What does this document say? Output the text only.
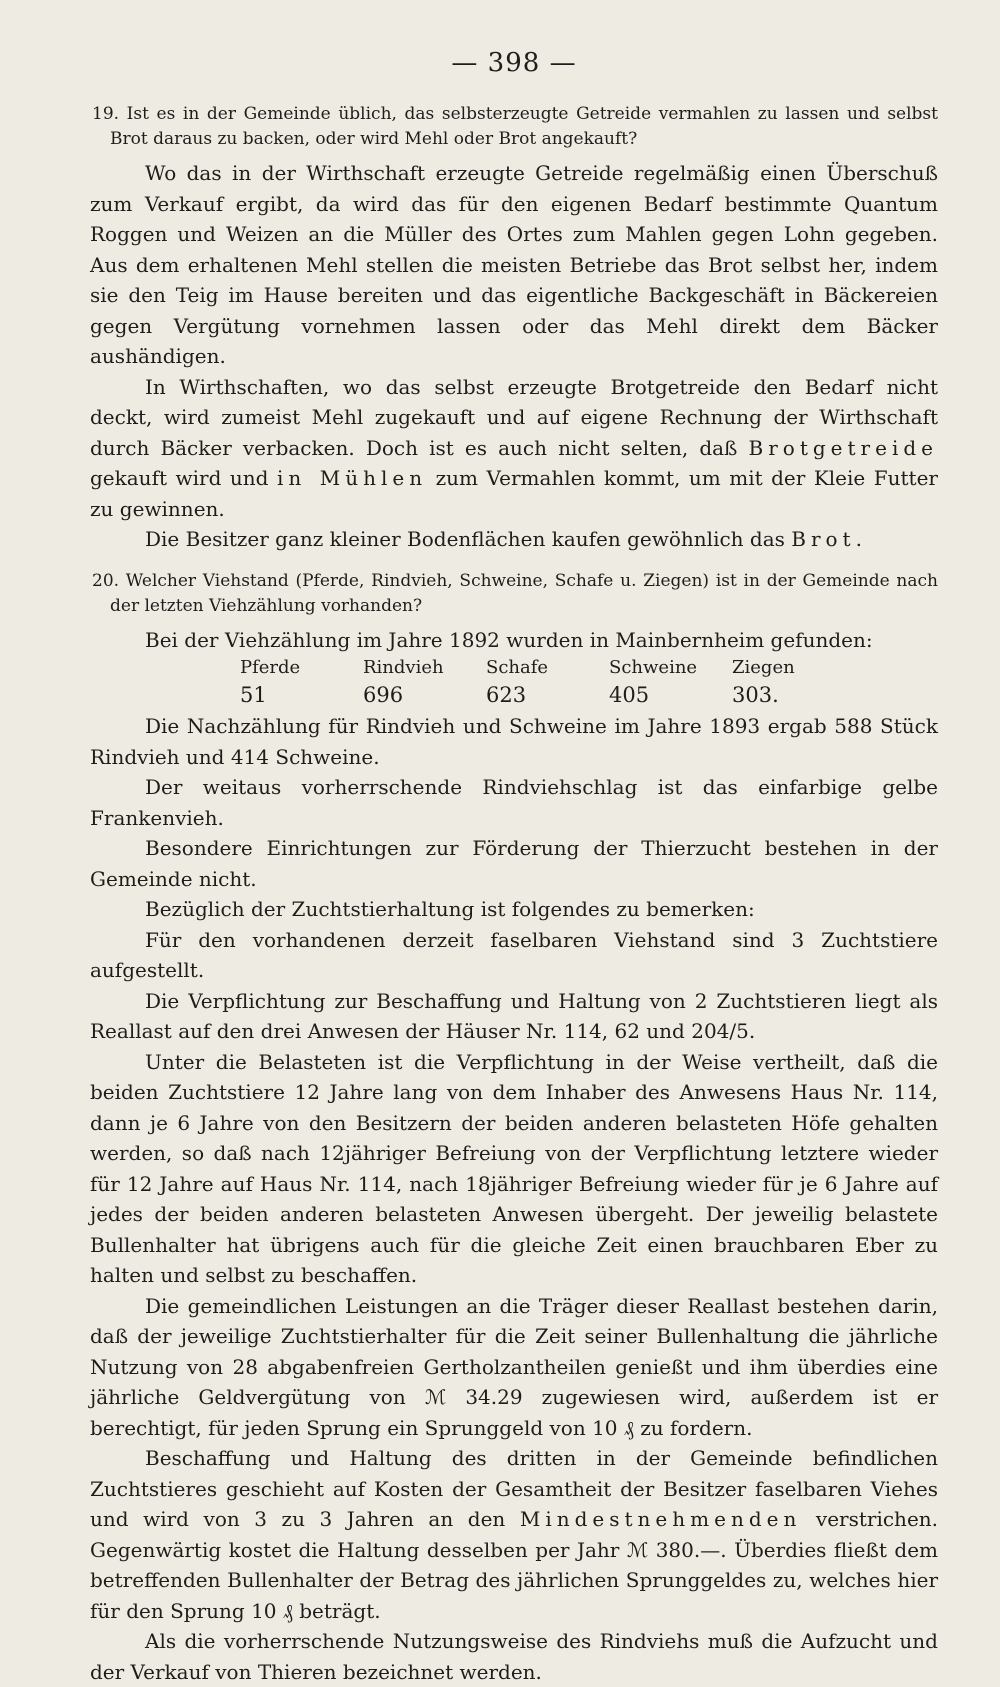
— 398 —
19. Ist es in der Gemeinde üblich, das selbsterzeugte Getreide vermahlen zu lassen und selbst Brot daraus zu backen, oder wird Mehl oder Brot angekauft?

Wo das in der Wirthschaft erzeugte Getreide regelmäßig einen Überschuß zum Verkauf ergibt, da wird das für den eigenen Bedarf bestimmte Quantum Roggen und Weizen an die Müller des Ortes zum Mahlen gegen Lohn gegeben. Aus dem erhaltenen Mehl stellen die meisten Betriebe das Brot selbst her, indem sie den Teig im Hause bereiten und das eigentliche Backgeschäft in Bäckereien gegen Vergütung vornehmen lassen oder das Mehl direkt dem Bäcker aushändigen.

In Wirthschaften, wo das selbst erzeugte Brotgetreide den Bedarf nicht deckt, wird zumeist Mehl zugekauft und auf eigene Rechnung der Wirthschaft durch Bäcker verbacken. Doch ist es auch nicht selten, daß Brotgetreide gekauft wird und in Mühlen zum Vermahlen kommt, um mit der Kleie Futter zu gewinnen.

Die Besitzer ganz kleiner Bodenflächen kaufen gewöhnlich das Brot.

20. Welcher Viehstand (Pferde, Rindvieh, Schweine, Schafe u. Ziegen) ist in der Gemeinde nach der letzten Viehzählung vorhanden?

Bei der Viehzählung im Jahre 1892 wurden in Mainbernheim gefunden:

Pferde	Rindvieh	Schafe	Schweine	Ziegen
51	696	623	405	303.

Die Nachzählung für Rindvieh und Schweine im Jahre 1893 ergab 588 Stück Rindvieh und 414 Schweine.

Der weitaus vorherrschende Rindviehschlag ist das einfarbige gelbe Frankenvieh.

Besondere Einrichtungen zur Förderung der Thierzucht bestehen in der Gemeinde nicht.

Bezüglich der Zuchtstierhaltung ist folgendes zu bemerken:

Für den vorhandenen derzeit faselbaren Viehstand sind 3 Zuchtstiere aufgestellt.

Die Verpflichtung zur Beschaffung und Haltung von 2 Zuchtstieren liegt als Reallast auf den drei Anwesen der Häuser Nr. 114, 62 und 204/5.

Unter die Belasteten ist die Verpflichtung in der Weise vertheilt, daß die beiden Zuchtstiere 12 Jahre lang von dem Inhaber des Anwesens Haus Nr. 114, dann je 6 Jahre von den Besitzern der beiden anderen belasteten Höfe gehalten werden, so daß nach 12jähriger Befreiung von der Verpflichtung letztere wieder für 12 Jahre auf Haus Nr. 114, nach 18jähriger Befreiung wieder für je 6 Jahre auf jedes der beiden anderen belasteten Anwesen übergeht. Der jeweilig belastete Bullenhalter hat übrigens auch für die gleiche Zeit einen brauchbaren Eber zu halten und selbst zu beschaffen.

Die gemeindlichen Leistungen an die Träger dieser Reallast bestehen darin, daß der jeweilige Zuchtstierhalter für die Zeit seiner Bullenhaltung die jährliche Nutzung von 28 abgabenfreien Gertholzantheilen genießt und ihm überdies eine jährliche Geldvergütung von ℳ 34.29 zugewiesen wird, außerdem ist er berechtigt, für jeden Sprung ein Sprunggeld von 10 ₰ zu fordern.

Beschaffung und Haltung des dritten in der Gemeinde befindlichen Zuchtstieres geschieht auf Kosten der Gesamtheit der Besitzer faselbaren Viehes und wird von 3 zu 3 Jahren an den Mindestnehmenden verstrichen. Gegenwärtig kostet die Haltung desselben per Jahr ℳ 380.—. Überdies fließt dem betreffenden Bullenhalter der Betrag des jährlichen Sprunggeldes zu, welches hier für den Sprung 10 ₰ beträgt.

Als die vorherrschende Nutzungsweise des Rindviehs muß die Aufzucht und der Verkauf von Thieren bezeichnet werden.
